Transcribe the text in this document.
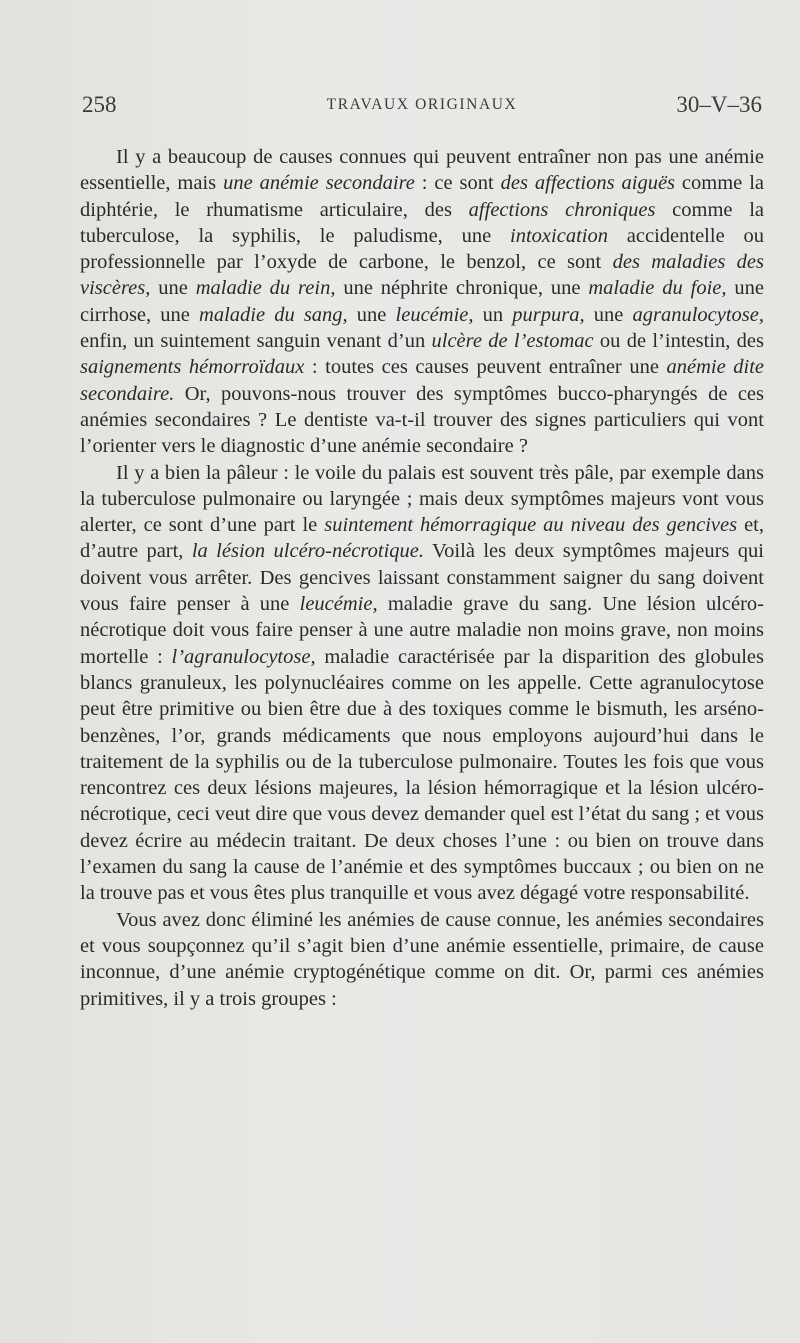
258	TRAVAUX ORIGINAUX	30–V–36

Il y a beaucoup de causes connues qui peuvent entraîner non pas une anémie essentielle, mais une anémie secondaire : ce sont des affections aiguës comme la diphtérie, le rhumatisme articulaire, des affections chroniques comme la tuberculose, la syphilis, le paludisme, une intoxication accidentelle ou professionnelle par l’oxyde de carbone, le benzol, ce sont des maladies des viscères, une maladie du rein, une néphrite chronique, une maladie du foie, une cirrhose, une maladie du sang, une leucémie, un purpura, une agranulocytose, enfin, un suintement sanguin venant d’un ulcère de l’estomac ou de l’intestin, des saignements hémorroïdaux : toutes ces causes peuvent entraîner une anémie dite secondaire. Or, pouvons-nous trouver des symptômes bucco-pharyngés de ces anémies secondaires ? Le dentiste va-t-il trouver des signes particuliers qui vont l’orienter vers le diagnostic d’une anémie secondaire ?

Il y a bien la pâleur : le voile du palais est souvent très pâle, par exemple dans la tuberculose pulmonaire ou laryngée ; mais deux symptômes majeurs vont vous alerter, ce sont d’une part le suintement hémorragique au niveau des gencives et, d’autre part, la lésion ulcéro-nécrotique. Voilà les deux symptômes majeurs qui doivent vous arrêter. Des gencives laissant constamment saigner du sang doivent vous faire penser à une leucémie, maladie grave du sang. Une lésion ulcéro-nécrotique doit vous faire penser à une autre maladie non moins grave, non moins mortelle : l’agranulocytose, maladie caractérisée par la disparition des globules blancs granuleux, les polynucléaires comme on les appelle. Cette agranulocytose peut être primitive ou bien être due à des toxiques comme le bismuth, les arséno-benzènes, l’or, grands médicaments que nous employons aujourd’hui dans le traitement de la syphilis ou de la tuberculose pulmonaire. Toutes les fois que vous rencontrez ces deux lésions majeures, la lésion hémorragique et la lésion ulcéro-nécrotique, ceci veut dire que vous devez demander quel est l’état du sang ; et vous devez écrire au médecin traitant. De deux choses l’une : ou bien on trouve dans l’examen du sang la cause de l’anémie et des symptômes buccaux ; ou bien on ne la trouve pas et vous êtes plus tranquille et vous avez dégagé votre responsabilité.

Vous avez donc éliminé les anémies de cause connue, les anémies secondaires et vous soupçonnez qu’il s’agit bien d’une anémie essentielle, primaire, de cause inconnue, d’une anémie cryptogénétique comme on dit. Or, parmi ces anémies primitives, il y a trois groupes :
